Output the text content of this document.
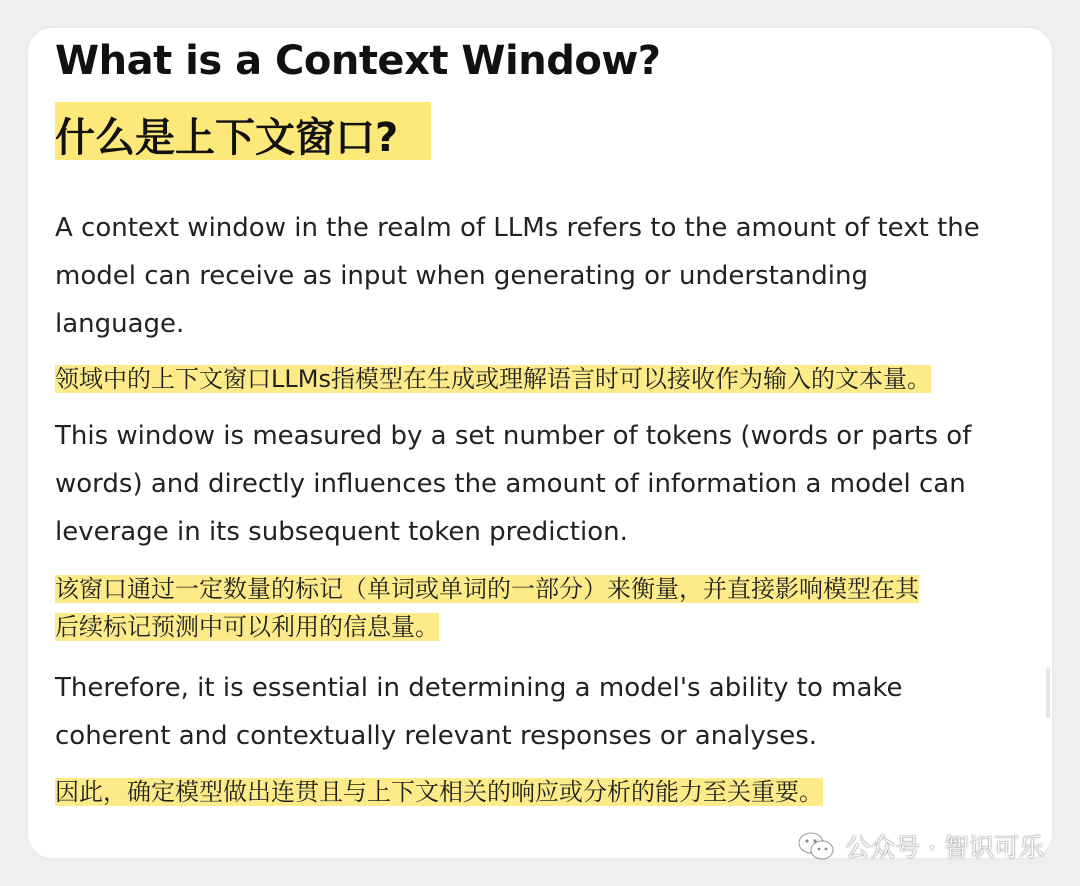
What is a Context Window?
什么是上下文窗口?
A context window in the realm of LLMs refers to the amount of text the
model can receive as input when generating or understanding
language.
领域中的上下文窗口LLMs指模型在生成或理解语言时可以接收作为输入的文本量。
This window is measured by a set number of tokens (words or parts of
words) and directly influences the amount of information a model can
leverage in its subsequent token prediction.
该窗口通过一定数量的标记（单词或单词的一部分）来衡量，并直接影响模型在其
后续标记预测中可以利用的信息量。
Therefore, it is essential in determining a model's ability to make
coherent and contextually relevant responses or analyses.
因此，确定模型做出连贯且与上下文相关的响应或分析的能力至关重要。
公众号 · 智识可乐
